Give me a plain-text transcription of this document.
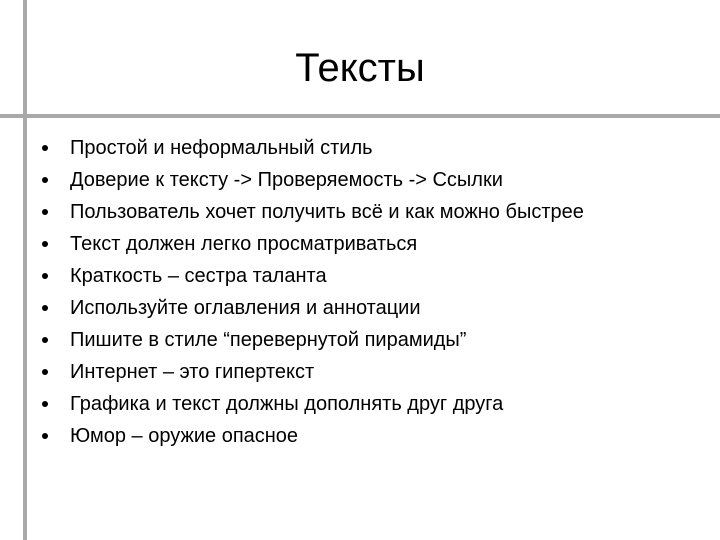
Тексты
Простой и неформальный стиль
Доверие к тексту -> Проверяемость -> Ссылки
Пользователь хочет получить всё и как можно быстрее
Текст должен легко просматриваться
Краткость – сестра таланта
Используйте оглавления и аннотации
Пишите в стиле “перевернутой пирамиды”
Интернет – это гипертекст
Графика и текст должны дополнять друг друга
Юмор – оружие опасное
